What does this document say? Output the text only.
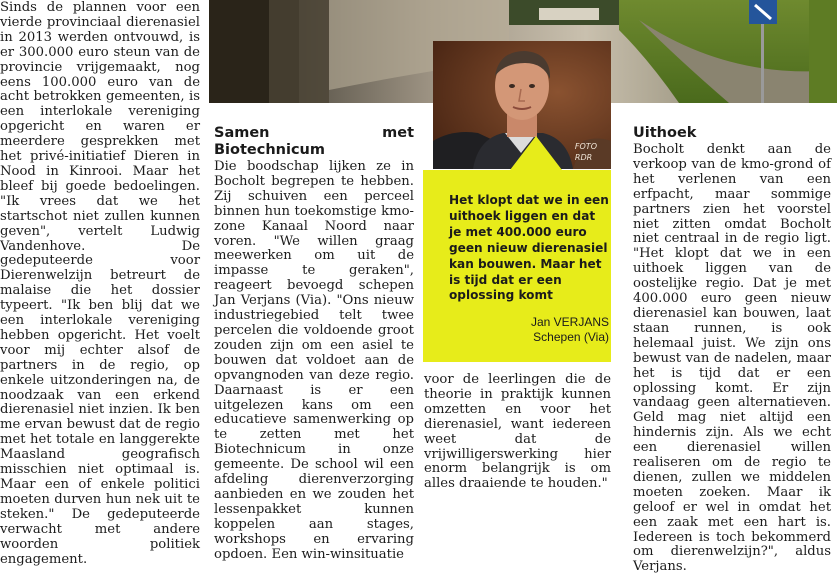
Sinds de plannen voor een vierde provinciaal dierenasiel in 2013 werden ontvouwd, is er 300.000 euro steun van de provincie vrijgemaakt, nog eens 100.000 euro van de acht betrokken gemeenten, is een interlokale vereniging opgericht en waren er meerdere gesprekken met het privé-initiatief Dieren in Nood in Kinrooi. Maar het bleef bij goede bedoelingen. "Ik vrees dat we het startschot niet zullen kunnen geven", vertelt Ludwig Vandenhove. De gedeputeerde voor Dierenwelzijn betreurt de malaise die het dossier typeert. "Ik ben blij dat we een interlokale vereniging hebben opgericht. Het voelt voor mij echter alsof de partners in de regio, op enkele uitzonderingen na, de noodzaak van een erkend dierenasiel niet inzien. Ik ben me ervan bewust dat de regio met het totale en langgerekte Maasland geografisch misschien niet optimaal is. Maar een of enkele politici moeten durven hun nek uit te steken." De gedeputeerde verwacht met andere woorden politiek engagement.

Samen met Biotechnicum

Die boodschap lijken ze in Bocholt begrepen te hebben. Zij schuiven een perceel binnen hun toekomstige kmo-zone Kanaal Noord naar voren. "We willen graag meewerken om uit de impasse te geraken", reageert bevoegd schepen Jan Verjans (Via). "Ons nieuw industriegebied telt twee percelen die voldoende groot zouden zijn om een asiel te bouwen dat voldoet aan de opvangnoden van deze regio. Daarnaast is er een uitgelezen kans om een educatieve samenwerking op te zetten met het Biotechnicum in onze gemeente. De school wil een afdeling dierenverzorging aanbieden en we zouden het lessenpakket kunnen koppelen aan stages, workshops en ervaring opdoen. Een win-winsituatie

voor de leerlingen die de theorie in praktijk kunnen omzetten en voor het dierenasiel, want iedereen weet dat de vrijwilligerswerking hier enorm belangrijk is om alles draaiende te houden."

Uithoek

Bocholt denkt aan de verkoop van de kmo-grond of het verlenen van een erfpacht, maar sommige partners zien het voorstel niet zitten omdat Bocholt niet centraal in de regio ligt. "Het klopt dat we in een uithoek liggen van de oostelijke regio. Dat je met 400.000 euro geen nieuw dierenasiel kan bouwen, laat staan runnen, is ook helemaal juist. We zijn ons bewust van de nadelen, maar het is tijd dat er een oplossing komt. Er zijn vandaag geen alternatieven. Geld mag niet altijd een hindernis zijn. Als we echt een dierenasiel willen realiseren om de regio te dienen, zullen we middelen moeten zoeken. Maar ik geloof er wel in omdat het een zaak met een hart is. Iedereen is toch bekommerd om dierenwelzijn?", aldus Verjans.

FOTO
RDR
Het klopt dat we in een uithoek liggen en dat je met 400.000 euro geen nieuw dierenasiel kan bouwen. Maar het is tijd dat er een oplossing komt
Jan VERJANS
Schepen (Via)
